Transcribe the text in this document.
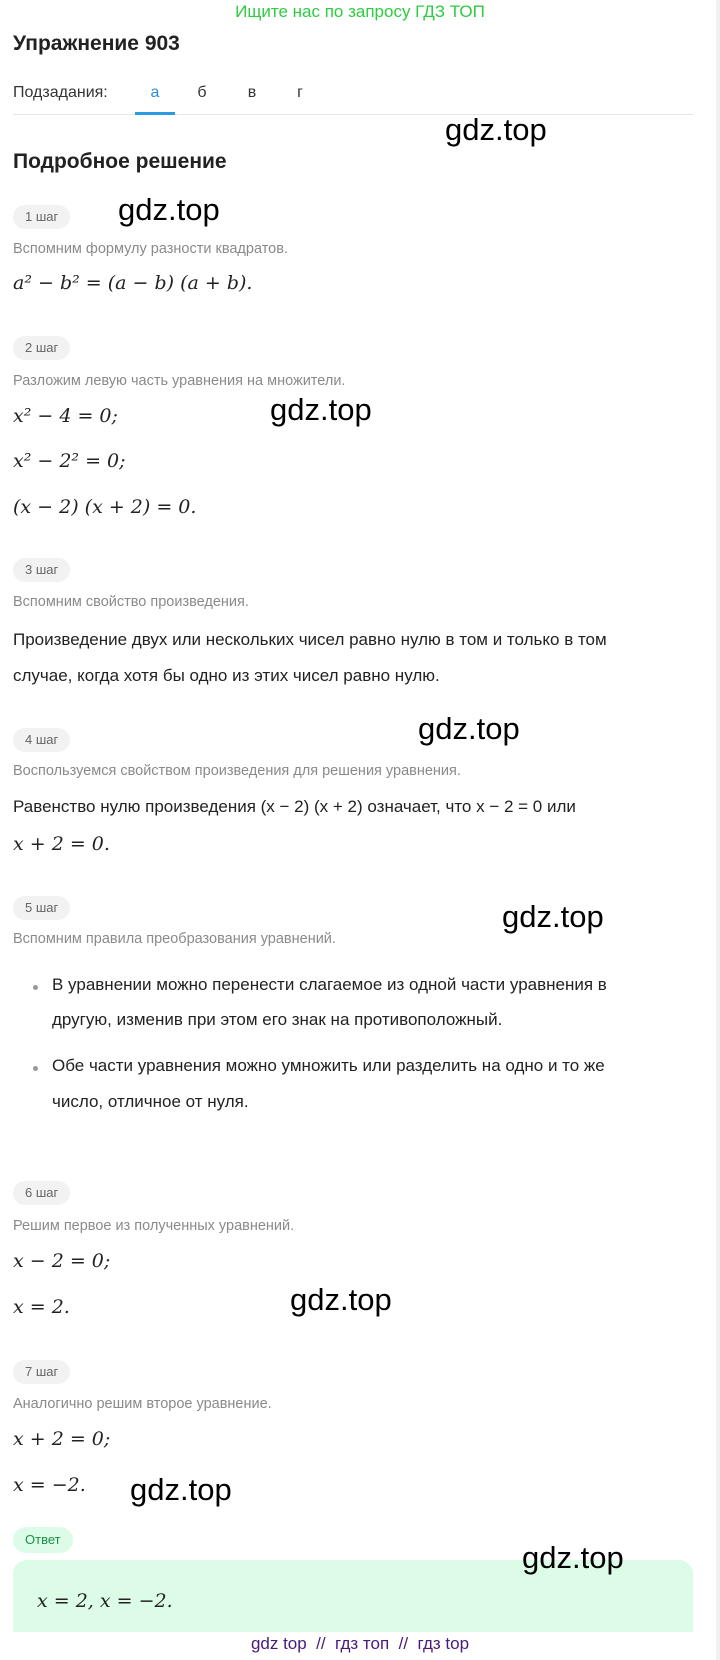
Ищите нас по запросу ГДЗ ТОП
Упражнение 903
Подзадания:	а	б	в	г
Подробное решение
1 шаг
Вспомним формулу разности квадратов.
a² − b² = (a − b) (a + b).
2 шаг
Разложим левую часть уравнения на множители.
x² − 4 = 0;
x² − 2² = 0;
(x − 2) (x + 2) = 0.
3 шаг
Вспомним свойство произведения.
Произведение двух или нескольких чисел равно нулю в том и только в том
случае, когда хотя бы одно из этих чисел равно нулю.
4 шаг
Воспользуемся свойством произведения для решения уравнения.
Равенство нулю произведения (x − 2) (x + 2) означает, что x − 2 = 0 или
x + 2 = 0.
5 шаг
Вспомним правила преобразования уравнений.
В уравнении можно перенести слагаемое из одной части уравнения в
другую, изменив при этом его знак на противоположный.
Обе части уравнения можно умножить или разделить на одно и то же
число, отличное от нуля.
6 шаг
Решим первое из полученных уравнений.
x − 2 = 0;
x = 2.
7 шаг
Аналогично решим второе уравнение.
x + 2 = 0;
x = −2.
Ответ
x = 2, x = −2.
gdz.top
gdz.top
gdz.top
gdz.top
gdz.top
gdz.top
gdz.top
gdz.top
gdz top  //  гдз топ  //  гдз top
